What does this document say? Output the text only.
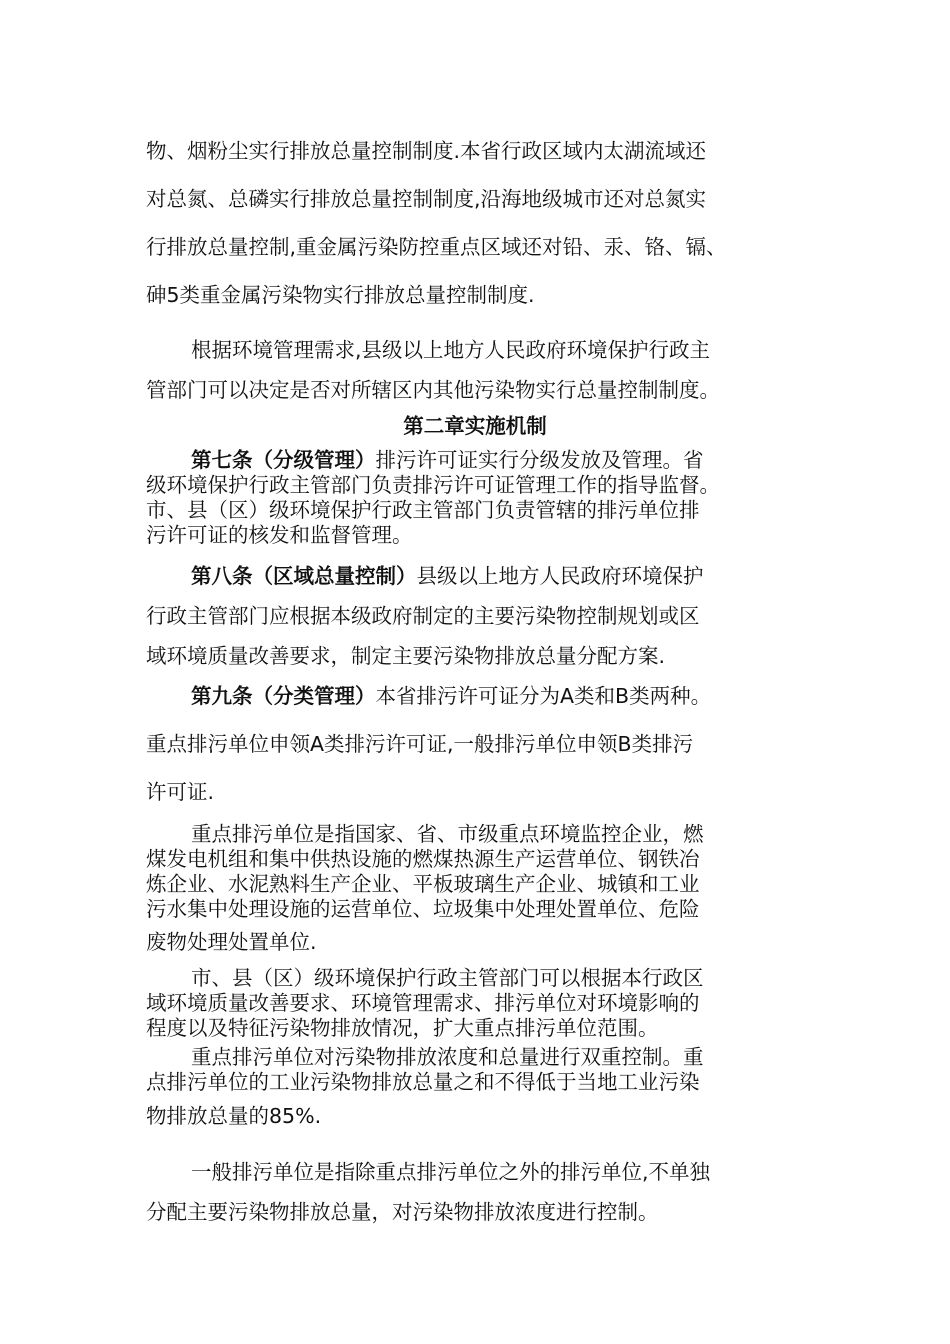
物、烟粉尘实行排放总量控制制度.本省行政区域内太湖流域还
对总氮、总磷实行排放总量控制制度,沿海地级城市还对总氮实
行排放总量控制,重金属污染防控重点区域还对铅、汞、铬、镉、
砷5类重金属污染物实行排放总量控制制度.
根据环境管理需求,县级以上地方人民政府环境保护行政主
管部门可以决定是否对所辖区内其他污染物实行总量控制制度。
第二章实施机制
第七条（分级管理）排污许可证实行分级发放及管理。省
级环境保护行政主管部门负责排污许可证管理工作的指导监督。
市、县（区）级环境保护行政主管部门负责管辖的排污单位排
污许可证的核发和监督管理。
第八条（区域总量控制）县级以上地方人民政府环境保护
行政主管部门应根据本级政府制定的主要污染物控制规划或区
域环境质量改善要求，制定主要污染物排放总量分配方案.
第九条（分类管理）本省排污许可证分为A类和B类两种。
重点排污单位申领A类排污许可证,一般排污单位申领B类排污
许可证.
重点排污单位是指国家、省、市级重点环境监控企业，燃
煤发电机组和集中供热设施的燃煤热源生产运营单位、钢铁冶
炼企业、水泥熟料生产企业、平板玻璃生产企业、城镇和工业
污水集中处理设施的运营单位、垃圾集中处理处置单位、危险
废物处理处置单位.
市、县（区）级环境保护行政主管部门可以根据本行政区
域环境质量改善要求、环境管理需求、排污单位对环境影响的
程度以及特征污染物排放情况，扩大重点排污单位范围。
重点排污单位对污染物排放浓度和总量进行双重控制。重
点排污单位的工业污染物排放总量之和不得低于当地工业污染
物排放总量的85%.
一般排污单位是指除重点排污单位之外的排污单位,不单独
分配主要污染物排放总量，对污染物排放浓度进行控制。
